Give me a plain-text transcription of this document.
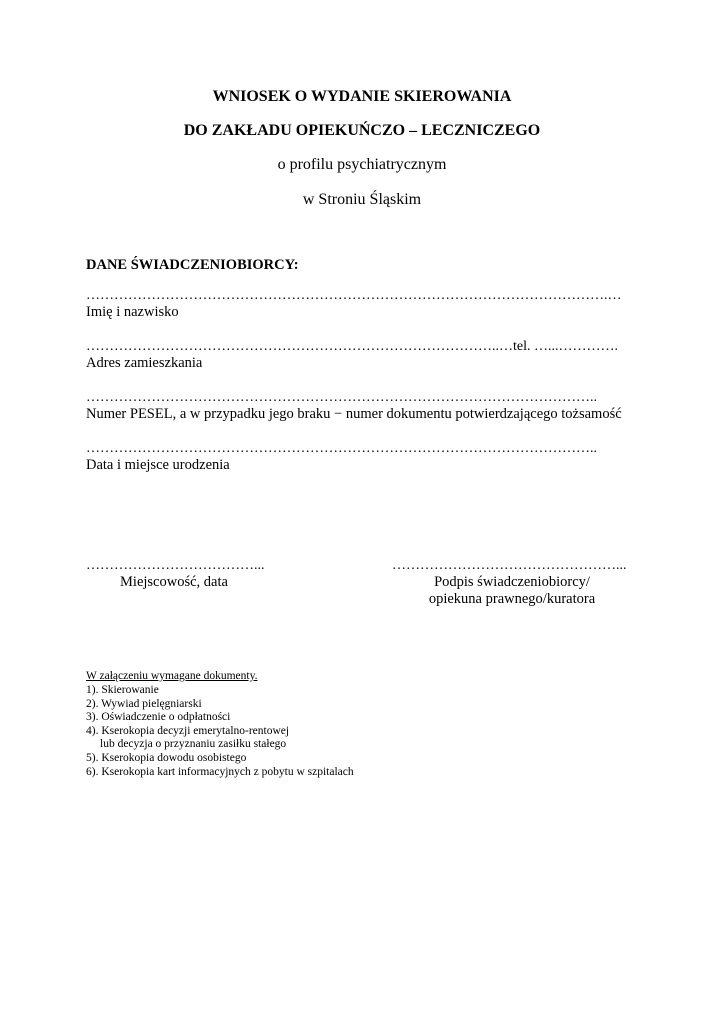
WNIOSEK O WYDANIE SKIEROWANIA
DO ZAKŁADU OPIEKUŃCZO – LECZNICZEGO
o profilu psychiatrycznym
w Stroniu Śląskim
DANE ŚWIADCZENIOBIORCY:
………………………………………………………………………………………………….…
Imię i nazwisko
……………………………………………………………………………..…tel. …...………….
Adres zamieszkania
………………………………………………………………………………………………..
Numer PESEL, a w przypadku jego braku − numer dokumentu potwierdzającego tożsamość
………………………………………………………………………………………………..
Data i miejsce urodzenia
………………………………...
Miejscowość, data
…………………………………………...
Podpis świadczeniobiorcy/
opiekuna prawnego/kuratora
W załączeniu wymagane dokumenty.
1). Skierowanie
2). Wywiad pielęgniarski
3). Oświadczenie o odpłatności
4). Kserokopia decyzji emerytalno-rentowej
lub decyzja o przyznaniu zasiłku stałego
5). Kserokopia dowodu osobistego
6). Kserokopia kart informacyjnych z pobytu w szpitalach
